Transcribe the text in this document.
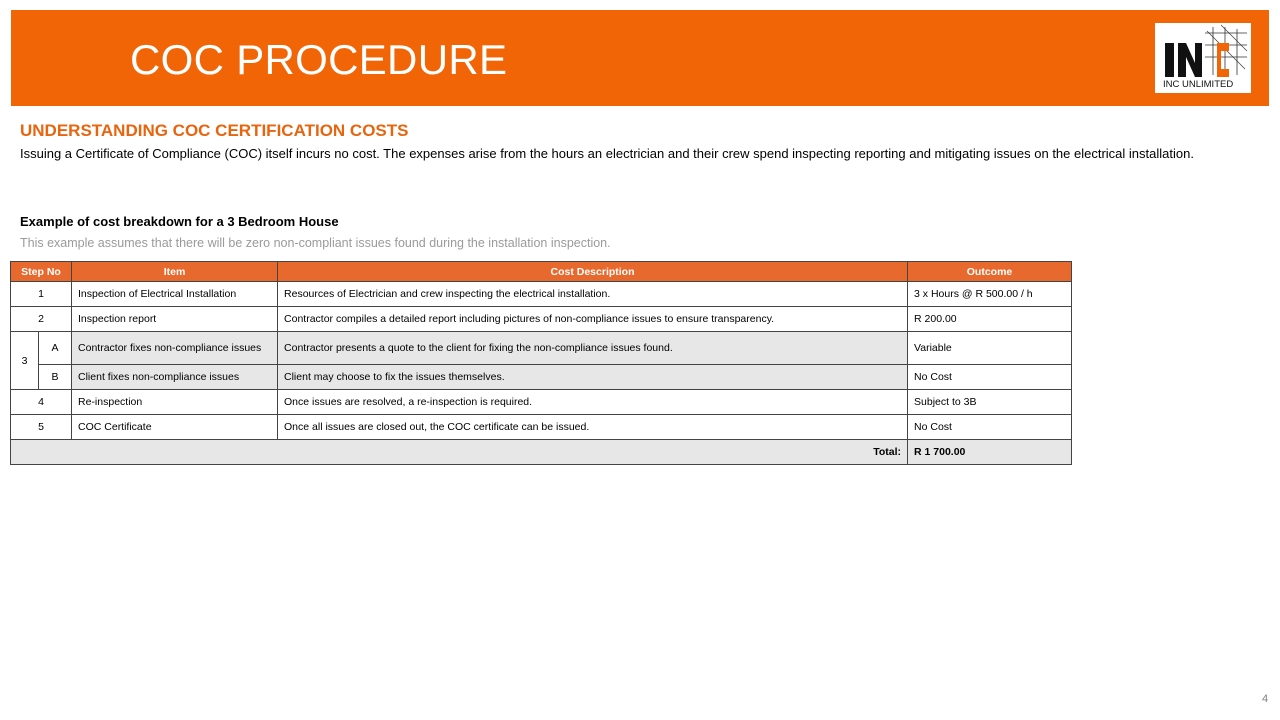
COC PROCEDURE
INC UNLIMITED
UNDERSTANDING COC CERTIFICATION COSTS
Issuing a Certificate of Compliance (COC) itself incurs no cost. The expenses arise from the hours an electrician and their crew spend inspecting reporting and mitigating issues on the electrical installation.
Example of cost breakdown for a 3 Bedroom House
This example assumes that there will be zero non-compliant issues found during the installation inspection.
Step No		Item	Cost Description	Outcome
1		Inspection of Electrical Installation	Resources of Electrician and crew inspecting the electrical installation.	3 x Hours @ R 500.00 / h
2		Inspection report	Contractor compiles a detailed report including pictures of non-compliance issues to ensure transparency.	R 200.00
3	A	Contractor fixes non-compliance issues	Contractor presents a quote to the client for fixing the non-compliance issues found.	Variable
	B	Client fixes non-compliance issues	Client may choose to fix the issues themselves.	No Cost
4		Re-inspection	Once issues are resolved, a re-inspection is required.	Subject to 3B
5		COC Certificate	Once all issues are closed out, the COC certificate can be issued.	No Cost
Total:				R 1 700.00
4
